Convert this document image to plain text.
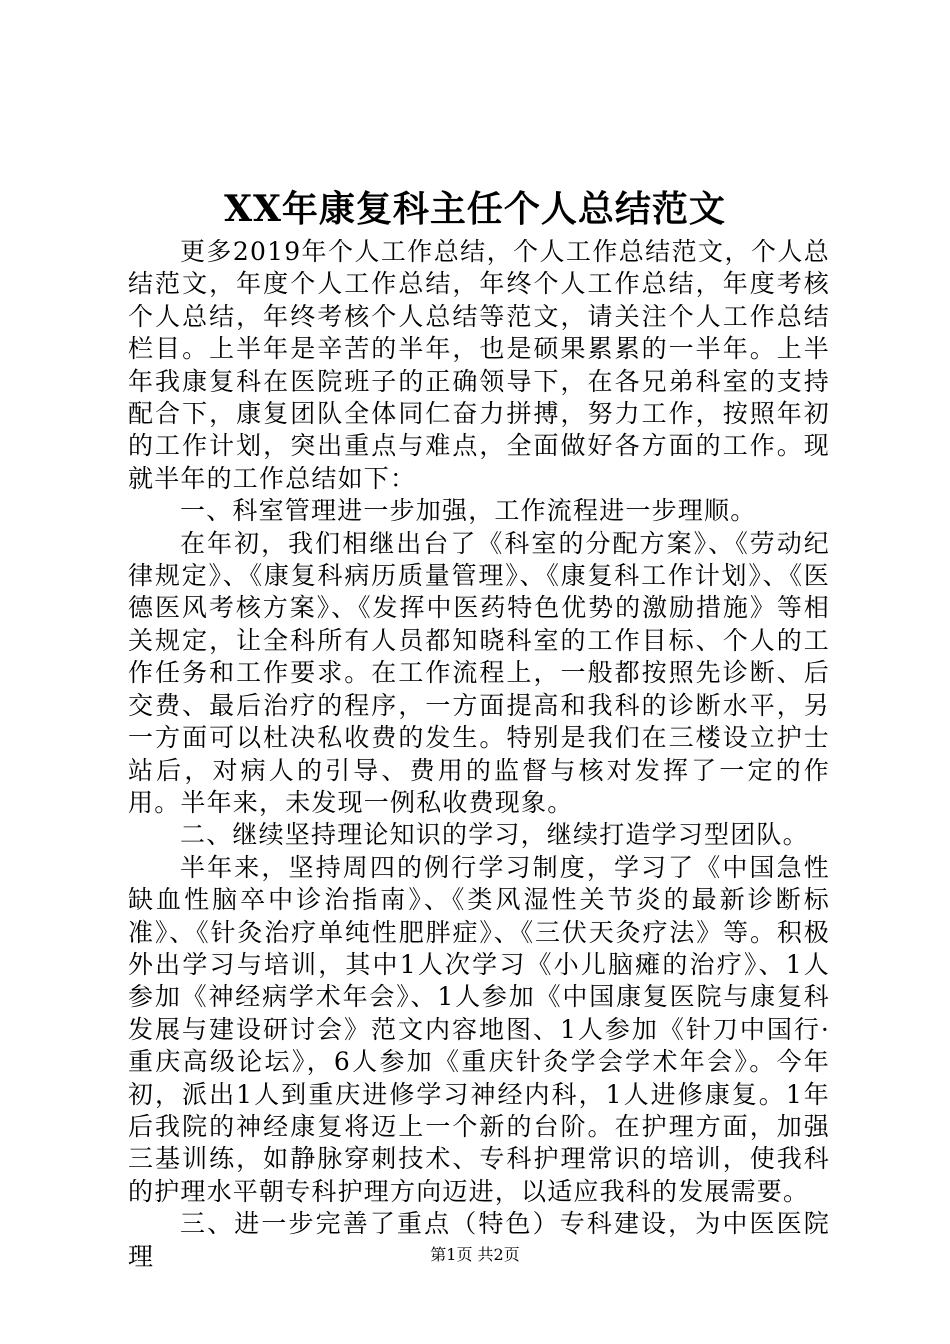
XX年康复科主任个人总结范文

更多2019年个人工作总结，个人工作总结范文，个人总结范文，年度个人工作总结，年终个人工作总结，年度考核个人总结，年终考核个人总结等范文，请关注个人工作总结栏目。上半年是辛苦的半年，也是硕果累累的一半年。上半年我康复科在医院班子的正确领导下，在各兄弟科室的支持配合下，康复团队全体同仁奋力拼搏，努力工作，按照年初的工作计划，突出重点与难点，全面做好各方面的工作。现就半年的工作总结如下：

一、科室管理进一步加强，工作流程进一步理顺。

在年初，我们相继出台了《科室的分配方案》、《劳动纪律规定》、《康复科病历质量管理》、《康复科工作计划》、《医德医风考核方案》、《发挥中医药特色优势的激励措施》等相关规定，让全科所有人员都知晓科室的工作目标、个人的工作任务和工作要求。在工作流程上，一般都按照先诊断、后交费、最后治疗的程序，一方面提高和我科的诊断水平，另一方面可以杜决私收费的发生。特别是我们在三楼设立护士站后，对病人的引导、费用的监督与核对发挥了一定的作用。半年来，未发现一例私收费现象。

二、继续坚持理论知识的学习，继续打造学习型团队。

半年来，坚持周四的例行学习制度，学习了《中国急性缺血性脑卒中诊治指南》、《类风湿性关节炎的最新诊断标准》、《针灸治疗单纯性肥胖症》、《三伏天灸疗法》等。积极外出学习与培训，其中1人次学习《小儿脑瘫的治疗》、1人参加《神经病学术年会》、1人参加《中国康复医院与康复科发展与建设研讨会》范文内容地图、1人参加《针刀中国行·重庆高级论坛》，6人参加《重庆针灸学会学术年会》。今年初，派出1人到重庆进修学习神经内科，1人进修康复。1年后我院的神经康复将迈上一个新的台阶。在护理方面，加强三基训练，如静脉穿刺技术、专科护理常识的培训，使我科的护理水平朝专科护理方向迈进，以适应我科的发展需要。

三、进一步完善了重点（特色）专科建设，为中医医院理	第1页 共2页
